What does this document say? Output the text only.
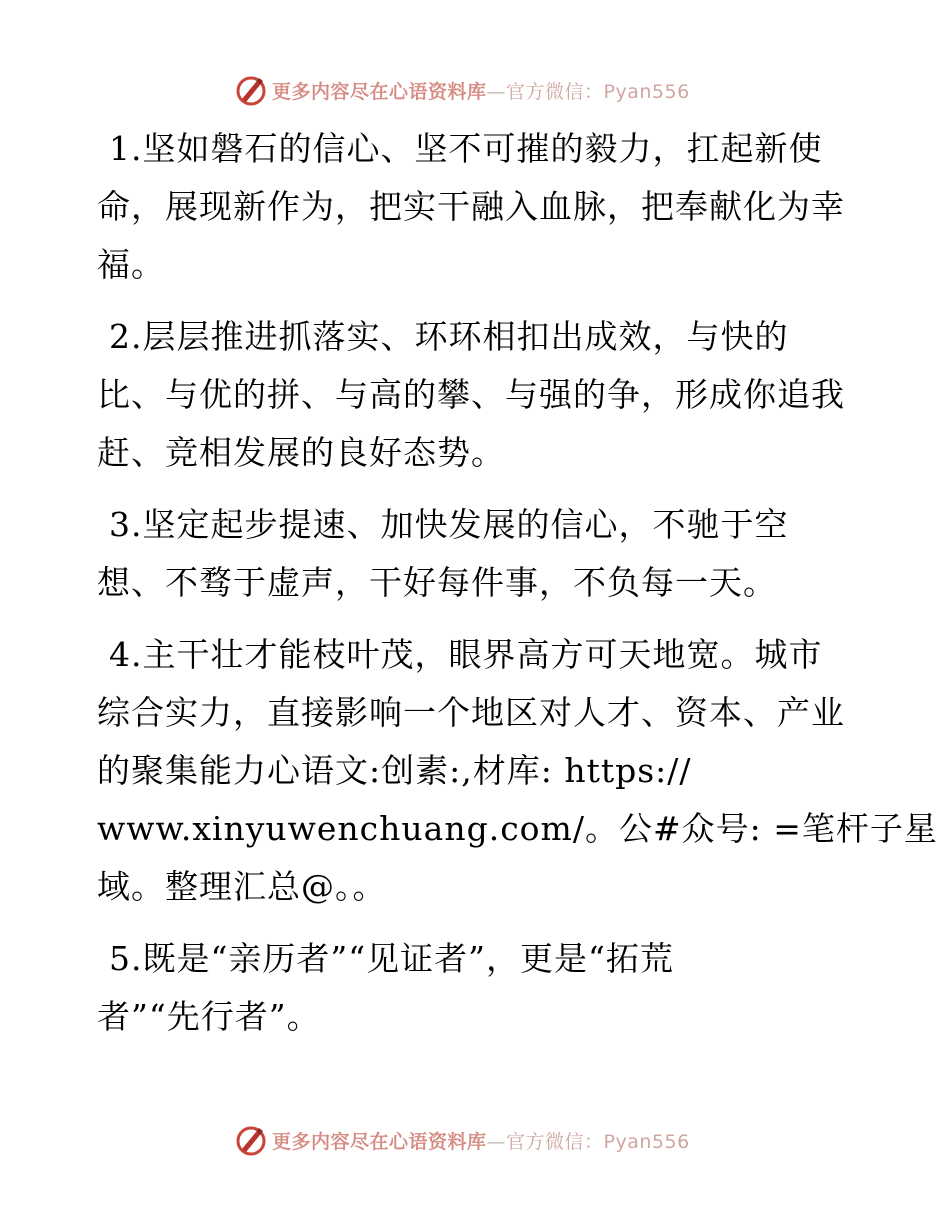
更多内容尽在心语资料库—官方微信：Pyan556

1.坚如磐石的信心、坚不可摧的毅力，扛起新使
命，展现新作为，把实干融入血脉，把奉献化为幸
福。

2.层层推进抓落实、环环相扣出成效，与快的
比、与优的拼、与高的攀、与强的争，形成你追我
赶、竞相发展的良好态势。

3.坚定起步提速、加快发展的信心，不驰于空
想、不骛于虚声，干好每件事，不负每一天。

4.主干壮才能枝叶茂，眼界高方可天地宽。城市
综合实力，直接影响一个地区对人才、资本、产业
的聚集能力心语文:创素:,材库: https://
www.xinyuwenchuang.com/。公#众号: =笔杆子星
域。整理汇总@。。

5.既是“亲历者”“见证者”，更是“拓荒
者”“先行者”。

更多内容尽在心语资料库—官方微信：Pyan556
